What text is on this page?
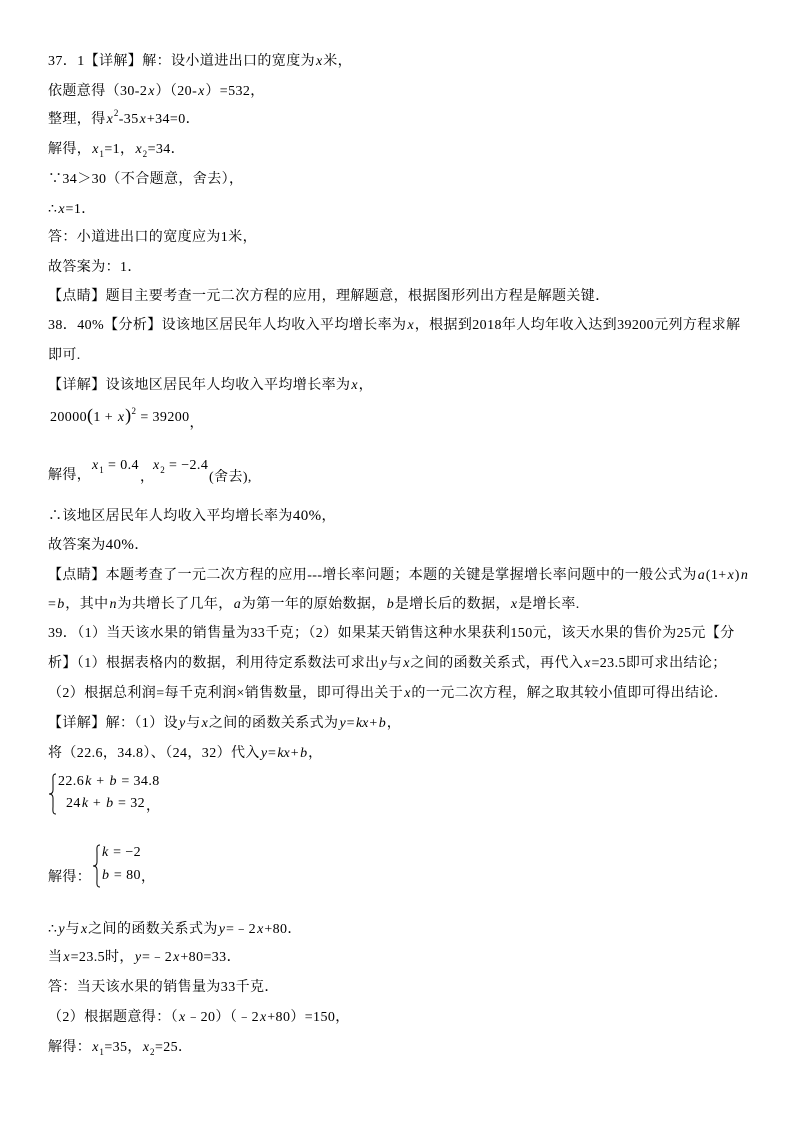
37．1【详解】解：设小道进出口的宽度为x米，
依题意得（30-2x）（20-x）=532，
整理，得$x^2-35x+34=0$．
解得，$x_1=1$，$x_2=34$．
∵34＞30（不合题意，舍去），
∴x=1．
答：小道进出口的宽度应为1米，
故答案为：1．
【点睛】题目主要考查一元二次方程的应用，理解题意，根据图形列出方程是解题关键．
38．40%【分析】设该地区居民年人均收入平均增长率为x，根据到2018年人均年收入达到39200元列方程求解
即可.
【详解】设该地区居民年人均收入平均增长率为x，
$20000(1 + x)^2 = 39200$，
解得，
$x_1 = 0.4$
，
$x_2 = -2.4$
(舍去),
∴该地区居民年人均收入平均增长率为40%，
故答案为40%．
【点睛】本题考查了一元二次方程的应用---增长率问题；本题的关键是掌握增长率问题中的一般公式为a(1+x)n
=b，其中n为共增长了几年，a为第一年的原始数据，b是增长后的数据，x是增长率.
39．（1）当天该水果的销售量为33千克；（2）如果某天销售这种水果获利150元，该天水果的售价为25元【分
析】（1）根据表格内的数据，利用待定系数法可求出y与x之间的函数关系式，再代入x=23.5即可求出结论；
（2）根据总利润=每千克利润×销售数量，即可得出关于x的一元二次方程，解之取其较小值即可得出结论．
【详解】解：（1）设y与x之间的函数关系式为y=kx+b，
将（22.6，34.8）、（24，32）代入y=kx+b，
22.6k + b = 34.8
24k + b = 32 ，
解得：
k = −2
b = 80 ，
∴y与x之间的函数关系式为y=﹣2x+80．
当x=23.5时，y=﹣2x+80=33．
答：当天该水果的销售量为33千克．
（2）根据题意得：（x﹣20）（﹣2x+80）=150，
解得：$x_1=35$，$x_2=25$．
